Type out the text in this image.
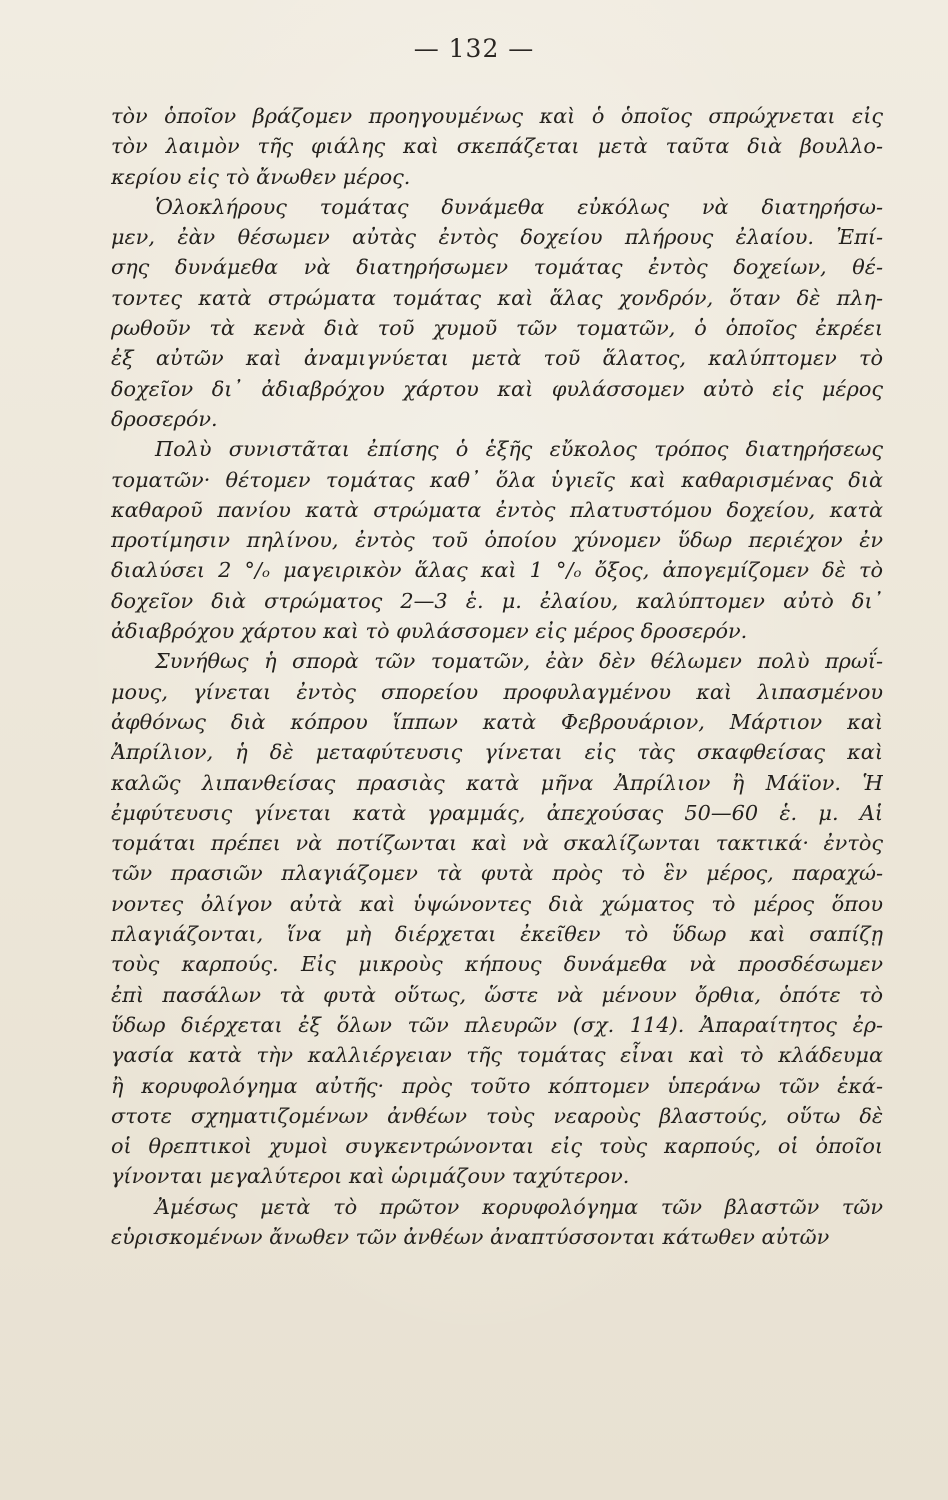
— 132 —
τὸν ὁποῖον βράζομεν προηγουμένως καὶ ὁ ὁποῖος σπρώχνεται εἰς
τὸν λαιμὸν τῆς φιάλης καὶ σκεπάζεται μετὰ ταῦτα διὰ βουλλο-
κερίου εἰς τὸ ἄνωθεν μέρος.
Ὁλοκλήρους τομάτας δυνάμεθα εὐκόλως νὰ διατηρήσω-
μεν, ἐὰν θέσωμεν αὐτὰς ἐντὸς δοχείου πλήρους ἐλαίου. Ἐπί-
σης δυνάμεθα νὰ διατηρήσωμεν τομάτας ἐντὸς δοχείων, θέ-
τοντες κατὰ στρώματα τομάτας καὶ ἅλας χονδρόν, ὅταν δὲ πλη-
ρωθοῦν τὰ κενὰ διὰ τοῦ χυμοῦ τῶν τοματῶν, ὁ ὁποῖος ἐκρέει
ἐξ αὐτῶν καὶ ἀναμιγνύεται μετὰ τοῦ ἅλατος, καλύπτομεν τὸ
δοχεῖον δι᾽ ἀδιαβρόχου χάρτου καὶ φυλάσσομεν αὐτὸ εἰς μέρος
δροσερόν.
Πολὺ συνιστᾶται ἐπίσης ὁ ἑξῆς εὔκολος τρόπος διατηρήσεως
τοματῶν· θέτομεν τομάτας καθ᾽ ὅλα ὑγιεῖς καὶ καθαρισμένας διὰ
καθαροῦ πανίου κατὰ στρώματα ἐντὸς πλατυστόμου δοχείου, κατὰ
προτίμησιν πηλίνου, ἐντὸς τοῦ ὁποίου χύνομεν ὕδωρ περιέχον ἐν
διαλύσει 2 °/ₒ μαγειρικὸν ἅλας καὶ 1 °/ₒ ὄξος, ἀπογεμίζομεν δὲ τὸ
δοχεῖον διὰ στρώματος 2—3 ἑ. μ. ἐλαίου, καλύπτομεν αὐτὸ δι᾽
ἀδιαβρόχου χάρτου καὶ τὸ φυλάσσομεν εἰς μέρος δροσερόν.
Συνήθως ἡ σπορὰ τῶν τοματῶν, ἐὰν δὲν θέλωμεν πολὺ πρωΐ-
μους, γίνεται ἐντὸς σπορείου προφυλαγμένου καὶ λιπασμένου
ἀφθόνως διὰ κόπρου ἵππων κατὰ Φεβρουάριον, Μάρτιον καὶ
Ἀπρίλιον, ἡ δὲ μεταφύτευσις γίνεται εἰς τὰς σκαφθείσας καὶ
καλῶς λιπανθείσας πρασιὰς κατὰ μῆνα Ἀπρίλιον ἢ Μάϊον. Ἡ
ἐμφύτευσις γίνεται κατὰ γραμμάς, ἀπεχούσας 50—60 ἑ. μ. Αἱ
τομάται πρέπει νὰ ποτίζωνται καὶ νὰ σκαλίζωνται τακτικά· ἐντὸς
τῶν πρασιῶν πλαγιάζομεν τὰ φυτὰ πρὸς τὸ ἓν μέρος, παραχώ-
νοντες ὀλίγον αὐτὰ καὶ ὑψώνοντες διὰ χώματος τὸ μέρος ὅπου
πλαγιάζονται, ἵνα μὴ διέρχεται ἐκεῖθεν τὸ ὕδωρ καὶ σαπίζῃ
τοὺς καρπούς. Εἰς μικροὺς κήπους δυνάμεθα νὰ προσδέσωμεν
ἐπὶ πασάλων τὰ φυτὰ οὕτως, ὥστε νὰ μένουν ὄρθια, ὁπότε τὸ
ὕδωρ διέρχεται ἐξ ὅλων τῶν πλευρῶν (σχ. 114). Ἀπαραίτητος ἐρ-
γασία κατὰ τὴν καλλιέργειαν τῆς τομάτας εἶναι καὶ τὸ κλάδευμα
ἢ κορυφολόγημα αὐτῆς· πρὸς τοῦτο κόπτομεν ὑπεράνω τῶν ἑκά-
στοτε σχηματιζομένων ἀνθέων τοὺς νεαροὺς βλαστούς, οὕτω δὲ
οἱ θρεπτικοὶ χυμοὶ συγκεντρώνονται εἰς τοὺς καρπούς, οἱ ὁποῖοι
γίνονται μεγαλύτεροι καὶ ὡριμάζουν ταχύτερον.
Ἀμέσως μετὰ τὸ πρῶτον κορυφολόγημα τῶν βλαστῶν τῶν
εὑρισκομένων ἄνωθεν τῶν ἀνθέων ἀναπτύσσονται κάτωθεν αὐτῶν
